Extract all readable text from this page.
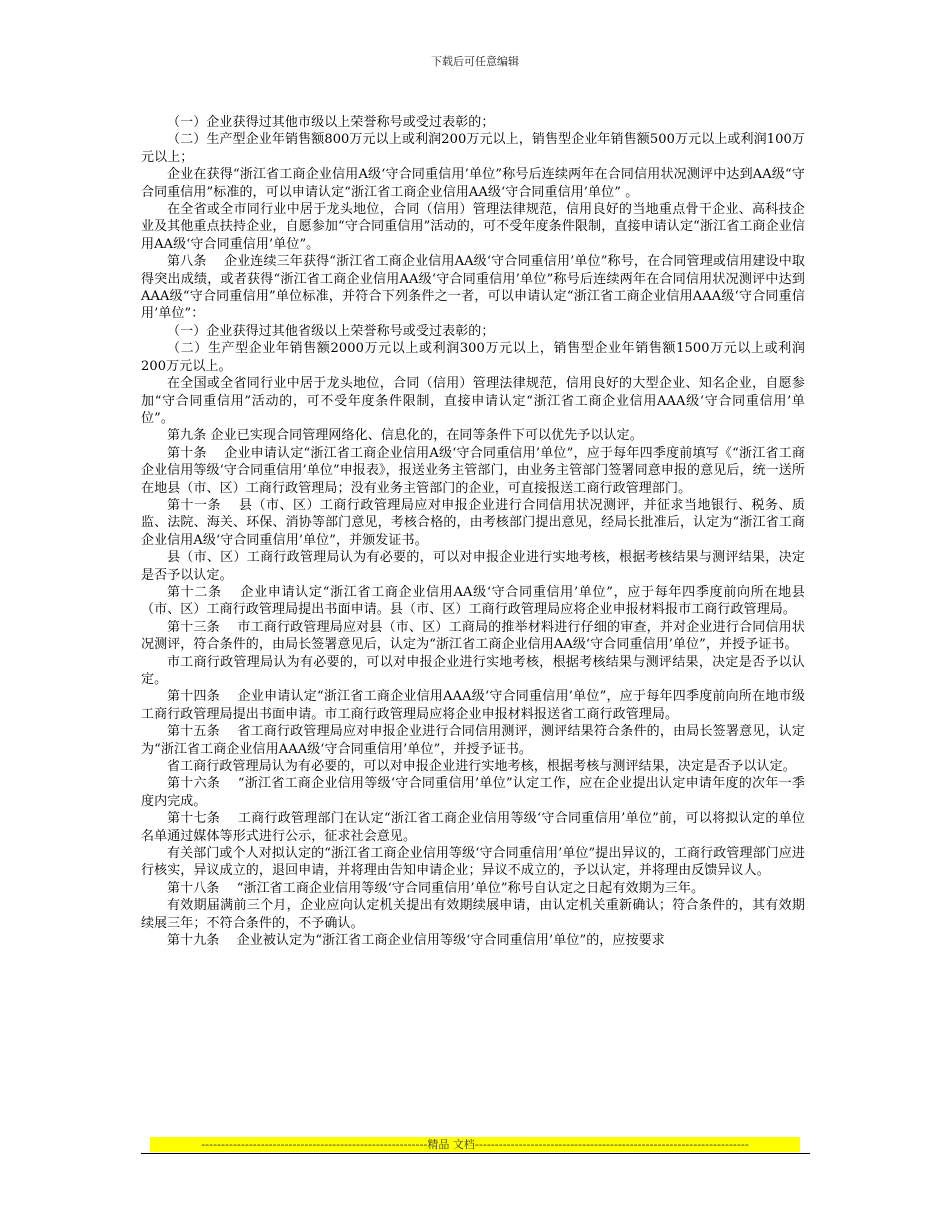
下载后可任意编辑

（一）企业获得过其他市级以上荣誉称号或受过表彰的；

（二）生产型企业年销售额800万元以上或利润200万元以上，销售型企业年销售额500万元以上或利润100万元以上；

企业在获得“浙江省工商企业信用A级‘守合同重信用’单位”称号后连续两年在合同信用状况测评中达到AA级“守合同重信用”标准的，可以申请认定“浙江省工商企业信用AA级‘守合同重信用’单位” 。

在全省或全市同行业中居于龙头地位，合同（信用）管理法律规范，信用良好的当地重点骨干企业、高科技企业及其他重点扶持企业，自愿参加“守合同重信用”活动的，可不受年度条件限制，直接申请认定“浙江省工商企业信用AA级‘守合同重信用’单位”。

第八条　 企业连续三年获得“浙江省工商企业信用AA级‘守合同重信用’单位”称号，在合同管理或信用建设中取得突出成绩，或者获得“浙江省工商企业信用AA级‘守合同重信用’单位”称号后连续两年在合同信用状况测评中达到AAA级“守合同重信用”单位标准，并符合下列条件之一者，可以申请认定“浙江省工商企业信用AAA级‘守合同重信用’单位”：

（一）企业获得过其他省级以上荣誉称号或受过表彰的；

（二）生产型企业年销售额2000万元以上或利润300万元以上，销售型企业年销售额1500万元以上或利润200万元以上。

在全国或全省同行业中居于龙头地位，合同（信用）管理法律规范，信用良好的大型企业、知名企业，自愿参加“守合同重信用”活动的，可不受年度条件限制，直接申请认定“浙江省工商企业信用AAA级‘守合同重信用’单位”。

第九条 企业已实现合同管理网络化、信息化的，在同等条件下可以优先予以认定。

第十条　 企业申请认定“浙江省工商企业信用A级‘守合同重信用’单位”，应于每年四季度前填写《“浙江省工商企业信用等级‘守合同重信用’单位”申报表》，报送业务主管部门，由业务主管部门签署同意申报的意见后，统一送所在地县（市、区）工商行政管理局；没有业务主管部门的企业，可直接报送工商行政管理部门。

第十一条　 县（市、区）工商行政管理局应对申报企业进行合同信用状况测评，并征求当地银行、税务、质监、法院、海关、环保、消协等部门意见，考核合格的，由考核部门提出意见，经局长批准后，认定为“浙江省工商企业信用A级‘守合同重信用’单位”，并颁发证书。

县（市、区）工商行政管理局认为有必要的，可以对申报企业进行实地考核，根据考核结果与测评结果，决定是否予以认定。

第十二条　 企业申请认定“浙江省工商企业信用AA级‘守合同重信用’单位”，应于每年四季度前向所在地县（市、区）工商行政管理局提出书面申请。县（市、区）工商行政管理局应将企业申报材料报市工商行政管理局。

第十三条　 市工商行政管理局应对县（市、区）工商局的推举材料进行仔细的审查，并对企业进行合同信用状况测评，符合条件的，由局长签署意见后，认定为“浙江省工商企业信用AA级‘守合同重信用’单位”，并授予证书。

市工商行政管理局认为有必要的，可以对申报企业进行实地考核，根据考核结果与测评结果，决定是否予以认定。

第十四条　 企业申请认定“浙江省工商企业信用AAA级‘守合同重信用’单位”，应于每年四季度前向所在地市级工商行政管理局提出书面申请。市工商行政管理局应将企业申报材料报送省工商行政管理局。

第十五条　 省工商行政管理局应对申报企业进行合同信用测评，测评结果符合条件的，由局长签署意见，认定为“浙江省工商企业信用AAA级‘守合同重信用’单位”，并授予证书。

省工商行政管理局认为有必要的，可以对申报企业进行实地考核，根据考核与测评结果，决定是否予以认定。

第十六条　 “浙江省工商企业信用等级‘守合同重信用’单位”认定工作，应在企业提出认定申请年度的次年一季度内完成。

第十七条　 工商行政管理部门在认定“浙江省工商企业信用等级‘守合同重信用’单位”前，可以将拟认定的单位名单通过媒体等形式进行公示，征求社会意见。

有关部门或个人对拟认定的“浙江省工商企业信用等级‘守合同重信用’单位”提出异议的，工商行政管理部门应进行核实，异议成立的，退回申请，并将理由告知申请企业；异议不成立的，予以认定，并将理由反馈异议人。

第十八条　 “浙江省工商企业信用等级‘守合同重信用’单位”称号自认定之日起有效期为三年。

有效期届满前三个月，企业应向认定机关提出有效期续展申请，由认定机关重新确认；符合条件的，其有效期续展三年；不符合条件的，不予确认。

第十九条　 企业被认定为“浙江省工商企业信用等级‘守合同重信用’单位”的，应按要求

---------------------------------------------------------精品 文档---------------------------------------------------------------------
